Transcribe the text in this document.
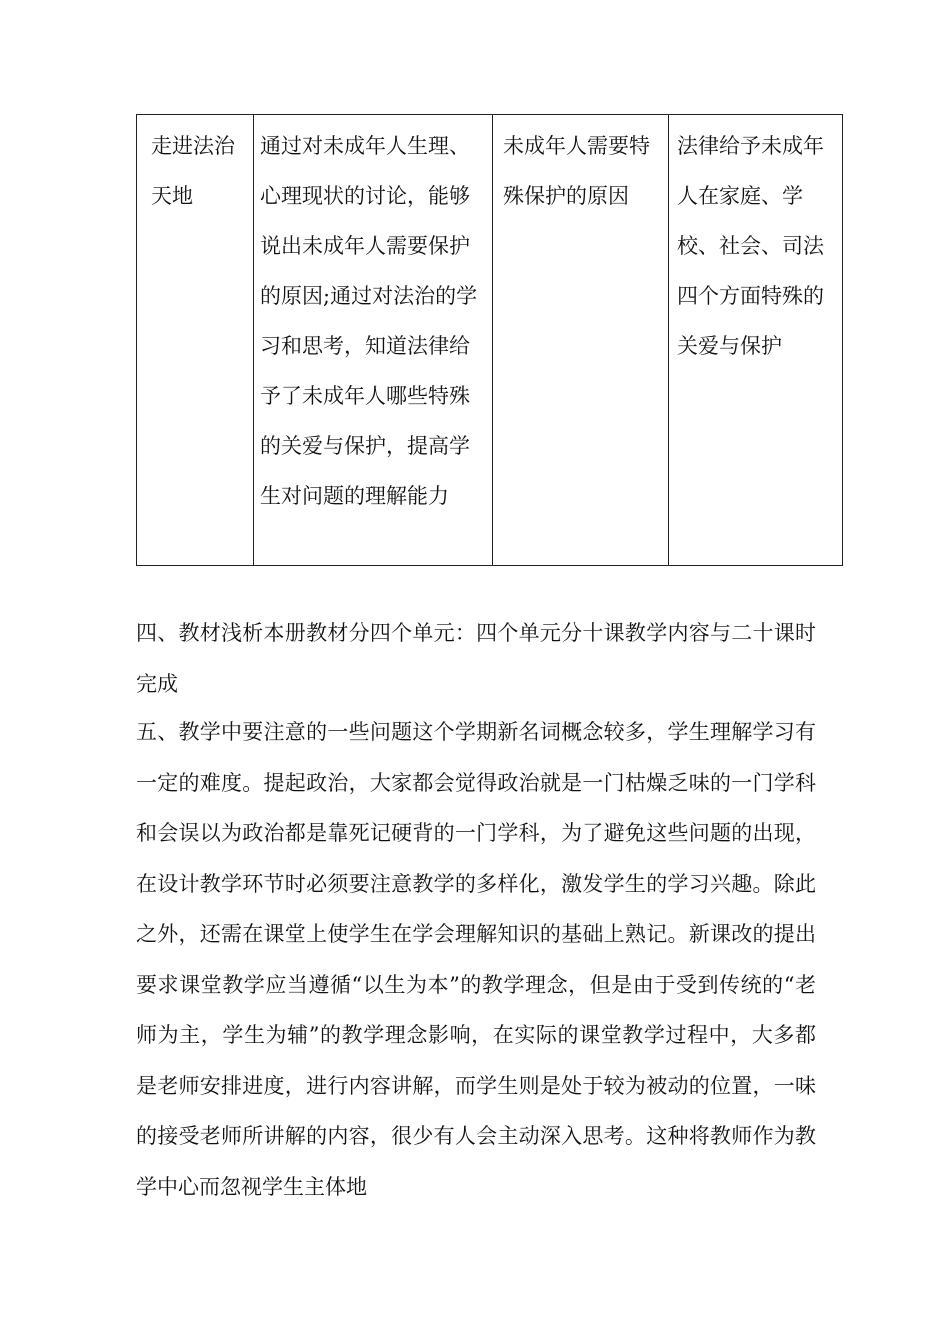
走进法治天地	通过对未成年人生理、心理现状的讨论，能够说出未成年人需要保护的原因;通过对法治的学习和思考，知道法律给予了未成年人哪些特殊的关爱与保护，提高学生对问题的理解能力	未成年人需要特殊保护的原因	法律给予未成年人在家庭、学校、社会、司法四个方面特殊的关爱与保护

四、教材浅析本册教材分四个单元：四个单元分十课教学内容与二十课时完成

五、教学中要注意的一些问题这个学期新名词概念较多，学生理解学习有一定的难度。提起政治，大家都会觉得政治就是一门枯燥乏味的一门学科和会误以为政治都是靠死记硬背的一门学科，为了避免这些问题的出现，在设计教学环节时必须要注意教学的多样化，激发学生的学习兴趣。除此之外，还需在课堂上使学生在学会理解知识的基础上熟记。新课改的提出要求课堂教学应当遵循“以生为本”的教学理念，但是由于受到传统的“老师为主，学生为辅”的教学理念影响，在实际的课堂教学过程中，大多都是老师安排进度，进行内容讲解，而学生则是处于较为被动的位置，一味的接受老师所讲解的内容，很少有人会主动深入思考。这种将教师作为教学中心而忽视学生主体地
